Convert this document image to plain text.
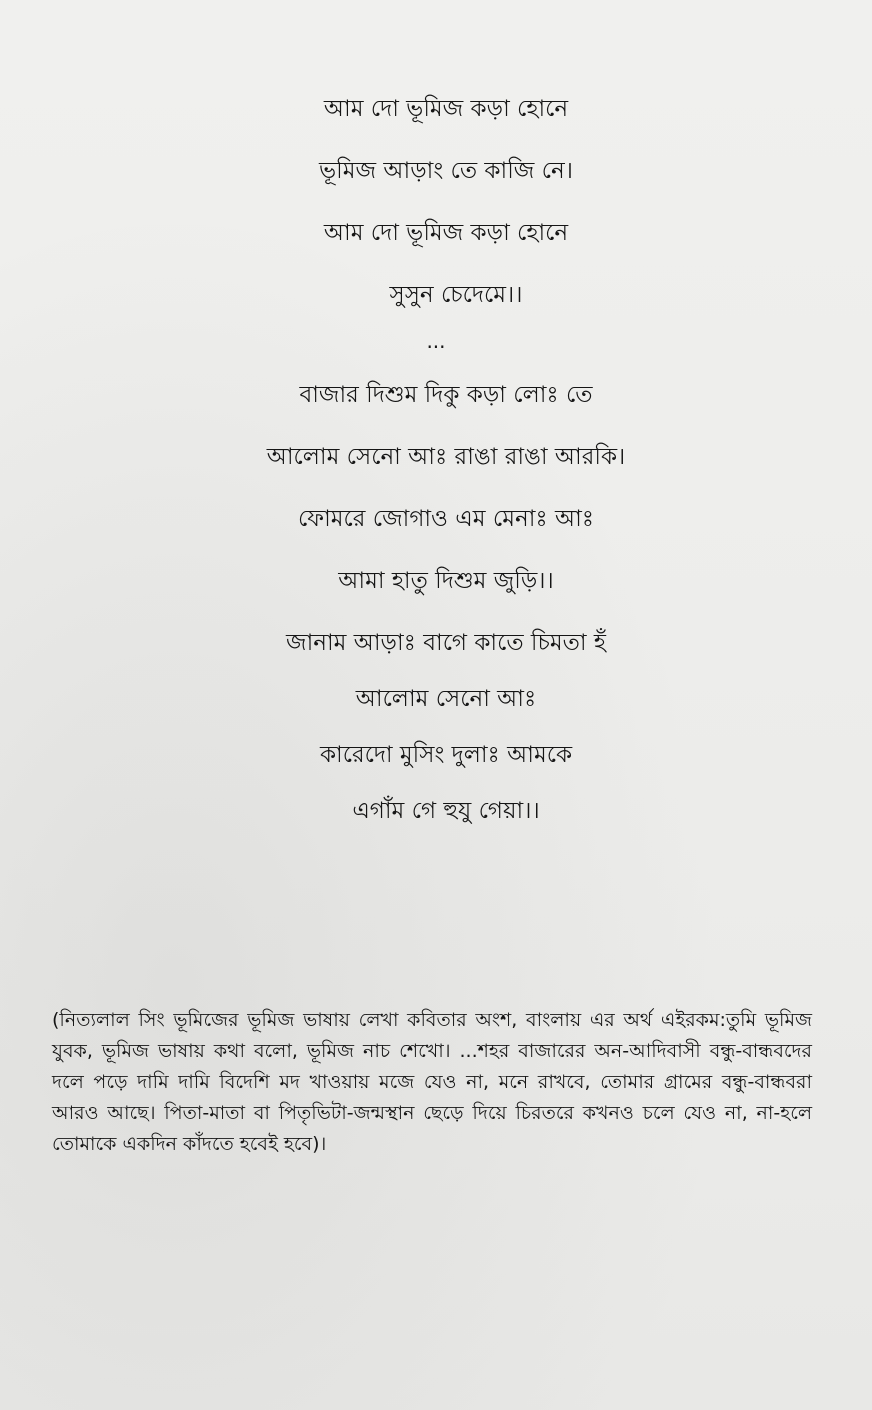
আম দো ভূমিজ কড়া হোনে
ভূমিজ আড়াং তে কাজি নে।
আম দো ভূমিজ কড়া হোনে
সুসুন চেদেমে।।
...
বাজার দিশুম দিকু কড়া লোঃ তে
আলোম সেনো আঃ রাঙা রাঙা আরকি।
ফোমরে জোগাও এম মেনাঃ আঃ
আমা হাতু দিশুম জুড়ি।।
জানাম আড়াঃ বাগে কাতে চিমতা হঁ
আলোম সেনো আঃ
কারেদো মুসিং দুলাঃ আমকে
এগাঁম গে হুযু গেয়া।।

(নিত্যলাল সিং ভূমিজের ভূমিজ ভাষায় লেখা কবিতার অংশ, বাংলায় এর অর্থ এইরকম:তুমি ভূমিজ যুবক, ভূমিজ ভাষায় কথা বলো, ভূমিজ নাচ শেখো। ...শহর বাজারের অন-আদিবাসী বন্ধু-বান্ধবদের দলে পড়ে দামি দামি বিদেশি মদ খাওয়ায় মজে যেও না, মনে রাখবে, তোমার গ্রামের বন্ধু-বান্ধবরা আরও আছে। পিতা-মাতা বা পিতৃভিটা-জন্মস্থান ছেড়ে দিয়ে চিরতরে কখনও চলে যেও না, না-হলে তোমাকে একদিন কাঁদতে হবেই হবে)।
